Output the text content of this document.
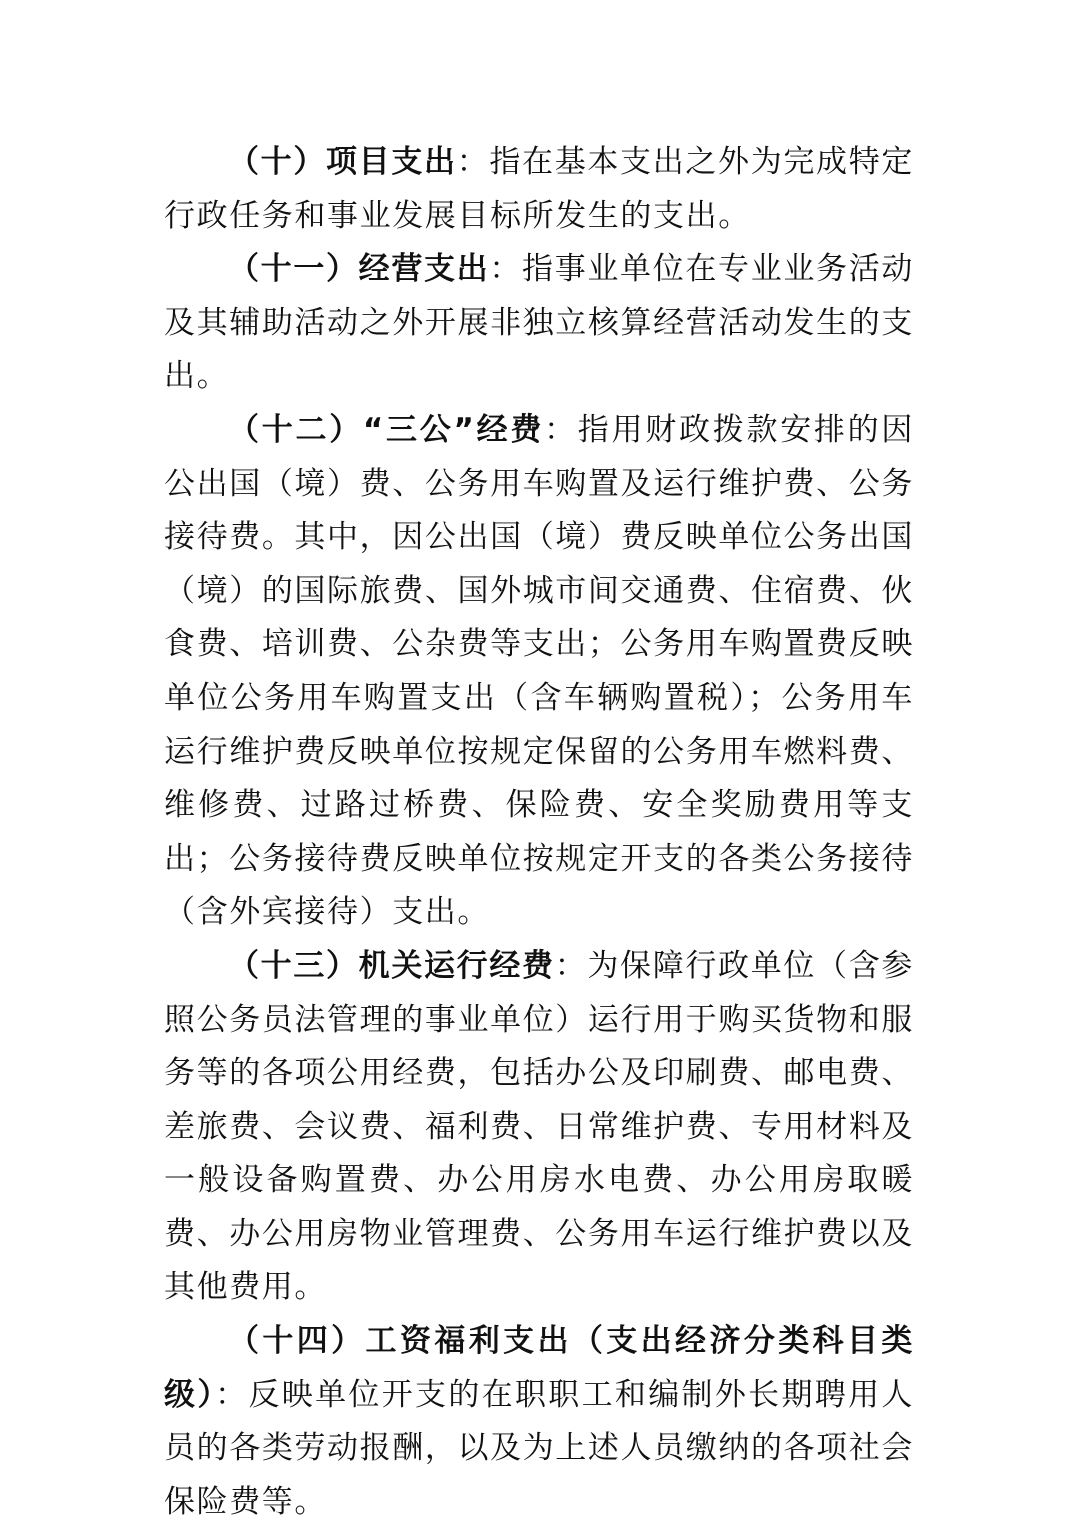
（十）项目支出：指在基本支出之外为完成特定行政任务和事业发展目标所发生的支出。

（十一）经营支出：指事业单位在专业业务活动及其辅助活动之外开展非独立核算经营活动发生的支出。

（十二）“三公”经费：指用财政拨款安排的因公出国（境）费、公务用车购置及运行维护费、公务接待费。其中，因公出国（境）费反映单位公务出国（境）的国际旅费、国外城市间交通费、住宿费、伙食费、培训费、公杂费等支出；公务用车购置费反映单位公务用车购置支出（含车辆购置税）；公务用车运行维护费反映单位按规定保留的公务用车燃料费、维修费、过路过桥费、保险费、安全奖励费用等支出；公务接待费反映单位按规定开支的各类公务接待（含外宾接待）支出。

（十三）机关运行经费：为保障行政单位（含参照公务员法管理的事业单位）运行用于购买货物和服务等的各项公用经费，包括办公及印刷费、邮电费、差旅费、会议费、福利费、日常维护费、专用材料及一般设备购置费、办公用房水电费、办公用房取暖费、办公用房物业管理费、公务用车运行维护费以及其他费用。

（十四）工资福利支出（支出经济分类科目类级）：反映单位开支的在职职工和编制外长期聘用人员的各类劳动报酬，以及为上述人员缴纳的各项社会保险费等。
